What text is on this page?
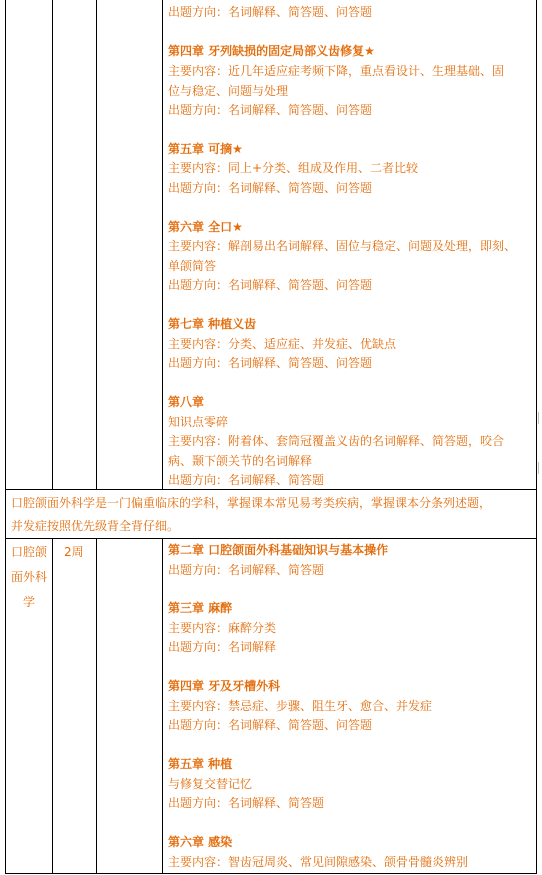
出题方向：名词解释、简答题、问答题
第四章 牙列缺损的固定局部义齿修复★
主要内容：近几年适应症考频下降，重点看设计、生理基础、固
位与稳定、问题与处理
出题方向：名词解释、简答题、问答题
第五章 可摘★
主要内容：同上+分类、组成及作用、二者比较
出题方向：名词解释、简答题、问答题
第六章 全口★
主要内容：解剖易出名词解释、固位与稳定、问题及处理，即刻、
单颌简答
出题方向：名词解释、简答题、问答题
第七章 种植义齿
主要内容：分类、适应症、并发症、优缺点
出题方向：名词解释、简答题、问答题
第八章
知识点零碎
主要内容：附着体、套筒冠覆盖义齿的名词解释、简答题，咬合
病、颞下颌关节的名词解释
出题方向：名词解释、简答题
口腔颌面外科学是一门偏重临床的学科，掌握课本常见易考类疾病，掌握课本分条列述题，
并发症按照优先级背全背仔细。
口腔颌
面外科
学
2周	第二章 口腔颌面外科基础知识与基本操作
出题方向：名词解释、简答题
第三章 麻醉
主要内容：麻醉分类
出题方向：名词解释
第四章 牙及牙槽外科
主要内容：禁忌症、步骤、阻生牙、愈合、并发症
出题方向：名词解释、简答题、问答题
第五章 种植
与修复交替记忆
出题方向：名词解释、简答题
第六章 感染
主要内容：智齿冠周炎、常见间隙感染、颌骨骨髓炎辨别
